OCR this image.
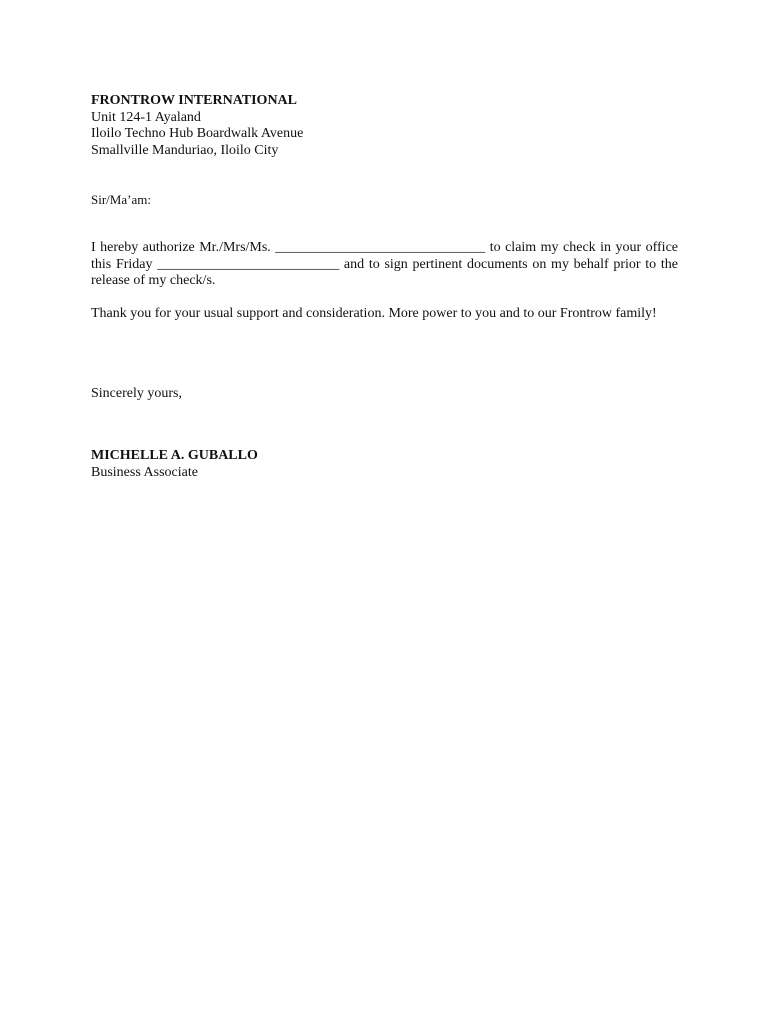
FRONTROW INTERNATIONAL
Unit 124-1 Ayaland
Iloilo Techno Hub Boardwalk Avenue
Smallville Manduriao, Iloilo City
Sir/Ma’am:
I hereby authorize Mr./Mrs/Ms. ______________________________ to claim my check in your office
this Friday __________________________ and to sign pertinent documents on my behalf prior to the
release of my check/s.
Thank you for your usual support and consideration. More power to you and to our Frontrow family!
Sincerely yours,
MICHELLE A. GUBALLO
Business Associate
